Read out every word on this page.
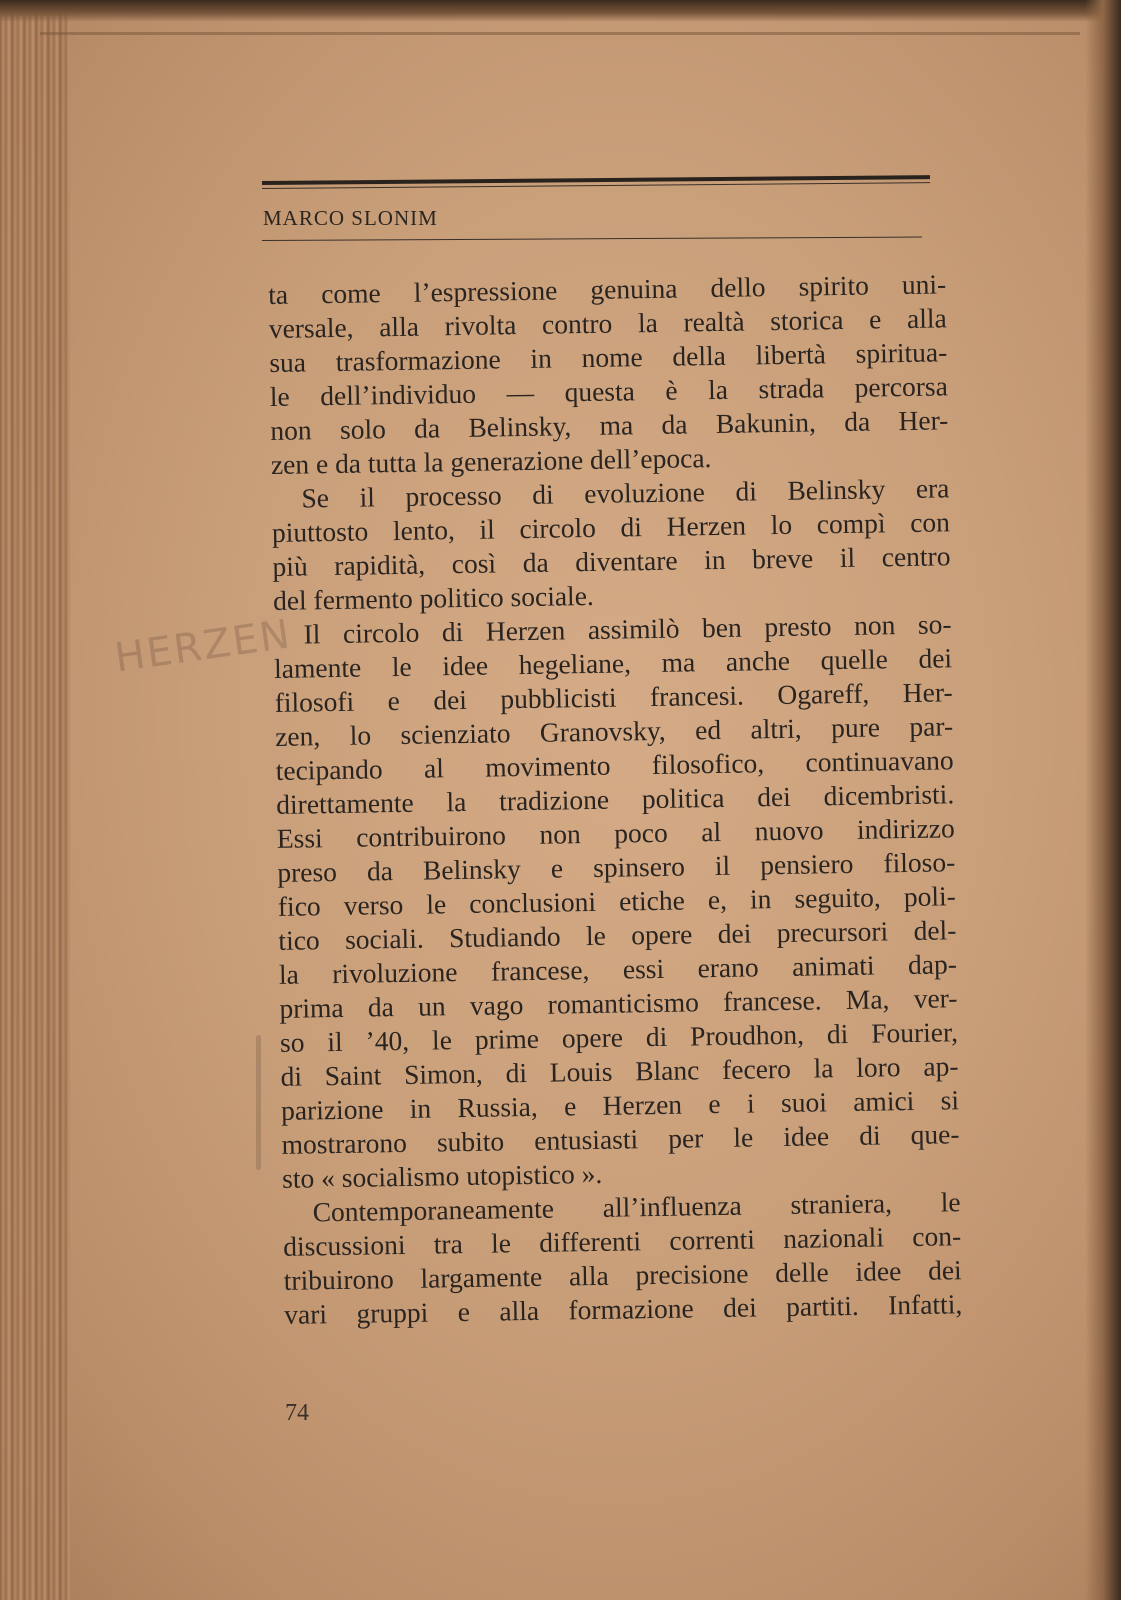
MARCO SLONIM
HERZEN
ta come l’espressione genuina dello spirito uni-
versale, alla rivolta contro la realtà storica e alla
sua trasformazione in nome della libertà spiritua-
le dell’individuo — questa è la strada percorsa
non solo da Belinsky, ma da Bakunin, da Her-
zen e da tutta la generazione dell’epoca.
Se il processo di evoluzione di Belinsky era
piuttosto lento, il circolo di Herzen lo compì con
più rapidità, così da diventare in breve il centro
del fermento politico sociale.
Il circolo di Herzen assimilò ben presto non so-
lamente le idee hegeliane, ma anche quelle dei
filosofi e dei pubblicisti francesi. Ogareff, Her-
zen, lo scienziato Granovsky, ed altri, pure par-
tecipando al movimento filosofico, continuavano
direttamente la tradizione politica dei dicembristi.
Essi contribuirono non poco al nuovo indirizzo
preso da Belinsky e spinsero il pensiero filoso-
fico verso le conclusioni etiche e, in seguito, poli-
tico sociali. Studiando le opere dei precursori del-
la rivoluzione francese, essi erano animati dap-
prima da un vago romanticismo francese. Ma, ver-
so il ’40, le prime opere di Proudhon, di Fourier,
di Saint Simon, di Louis Blanc fecero la loro ap-
parizione in Russia, e Herzen e i suoi amici si
mostrarono subito entusiasti per le idee di que-
sto « socialismo utopistico ».
Contemporaneamente all’influenza straniera, le
discussioni tra le differenti correnti nazionali con-
tribuirono largamente alla precisione delle idee dei
vari gruppi e alla formazione dei partiti. Infatti,
74
